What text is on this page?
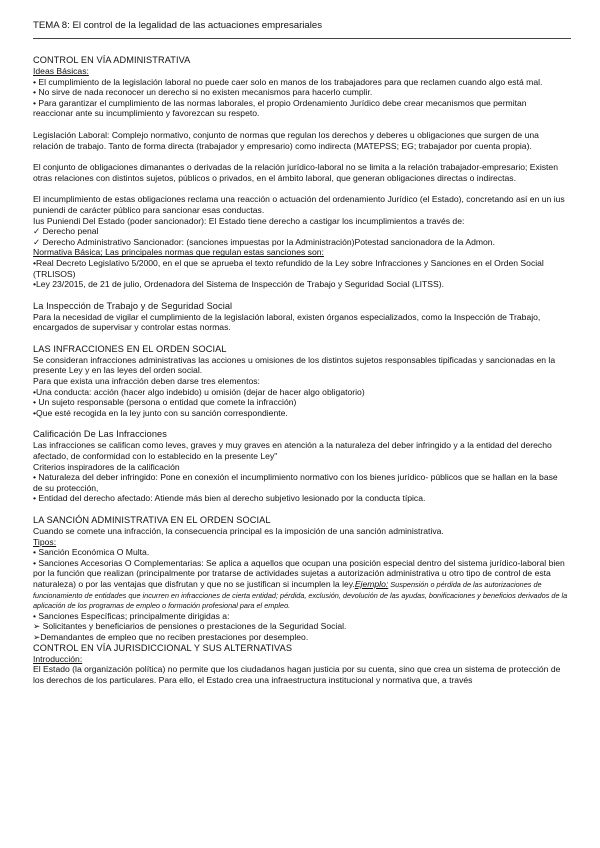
TEMA 8: El control de la legalidad de las actuaciones empresariales

CONTROL EN VÍA ADMINISTRATIVA

Ideas Básicas:

• El cumplimiento de la legislación laboral no puede caer solo en manos de los trabajadores para que reclamen cuando algo está mal.

• No sirve de nada reconocer un derecho si no existen mecanismos para hacerlo cumplir.

• Para garantizar el cumplimiento de las normas laborales, el propio Ordenamiento Jurídico debe crear mecanismos que permitan reaccionar ante su incumplimiento y favorezcan su respeto.

Legislación Laboral: Complejo normativo, conjunto de normas que regulan los derechos y deberes u obligaciones que surgen de una relación de trabajo. Tanto de forma directa (trabajador y empresario) como indirecta (MATEPSS; EG; trabajador por cuenta propia).

El conjunto de obligaciones dimanantes o derivadas de la relación jurídico-laboral no se limita a la relación trabajador-empresario; Existen otras relaciones con distintos sujetos, públicos o privados, en el ámbito laboral, que generan obligaciones directas o indirectas.

El incumplimiento de estas obligaciones reclama una reacción o actuación del ordenamiento Jurídico (el Estado), concretando así en un ius puniendi de carácter público para sancionar esas conductas.

Ius Puniendi Del Estado (poder sancionador): El Estado tiene derecho a castigar los incumplimientos a través de:

✓ Derecho penal

✓ Derecho Administrativo Sancionador: (sanciones impuestas por la Administración)Potestad sancionadora de la Admon.

Normativa Básica; Las principales normas que regulan estas sanciones son:

•Real Decreto Legislativo 5/2000, en el que se aprueba el texto refundido de la Ley sobre Infracciones y Sanciones en el Orden Social (TRLISOS)

•Ley 23/2015, de 21 de julio, Ordenadora del Sistema de Inspección de Trabajo y Seguridad Social (LITSS).

La Inspección de Trabajo y de Seguridad Social

Para la necesidad de vigilar el cumplimiento de la legislación laboral, existen órganos especializados, como la Inspección de Trabajo, encargados de supervisar y controlar estas normas.

LAS INFRACCIONES EN EL ORDEN SOCIAL

Se consideran infracciones administrativas las acciones u omisiones de los distintos sujetos responsables tipificadas y sancionadas en la presente Ley y en las leyes del orden social.

Para que exista una infracción deben darse tres elementos:

•Una conducta: acción (hacer algo indebido) u omisión (dejar de hacer algo obligatorio)

• Un sujeto responsable (persona o entidad que comete la infracción)

•Que esté recogida en la ley junto con su sanción correspondiente.

Calificación De Las Infracciones

Las infracciones se califican como leves, graves y muy graves en atención a la naturaleza del deber infringido y a la entidad del derecho afectado, de conformidad con lo establecido en la presente Ley"

Criterios inspiradores de la calificación

• Naturaleza del deber infringido: Pone en conexión el incumplimiento normativo con los bienes jurídico- públicos que se hallan en la base de su protección,

• Entidad del derecho afectado: Atiende más bien al derecho subjetivo lesionado por la conducta típica.

LA SANCIÓN ADMINISTRATIVA EN EL ORDEN SOCIAL

Cuando se comete una infracción, la consecuencia principal es la imposición de una sanción administrativa.

Tipos:

• Sanción Económica O Multa.

• Sanciones Accesorias O Complementarias: Se aplica a aquellos que ocupan una posición especial dentro del sistema jurídico-laboral bien por la función que realizan (principalmente por tratarse de actividades sujetas a autorización administrativa u otro tipo de control de esta naturaleza) o por las ventajas que disfrutan y que no se justifican si incumplen la ley.Ejemplo: Suspensión o pérdida de las autorizaciones de funcionamiento de entidades que incurren en infracciones de cierta entidad; pérdida, exclusión, devolución de las ayudas, bonificaciones y beneficios derivados de la aplicación de los programas de empleo o formación profesional para el empleo.

• Sanciones Específicas; principalmente dirigidas a:

➢ Solicitantes y beneficiarios de pensiones o prestaciones de la Seguridad Social.

➢Demandantes de empleo que no reciben prestaciones por desempleo.

CONTROL EN VÍA JURISDICCIONAL Y SUS ALTERNATIVAS

Introducción:

El Estado (la organización política) no permite que los ciudadanos hagan justicia por su cuenta, sino que crea un sistema de protección de los derechos de los particulares. Para ello, el Estado crea una infraestructura institucional y normativa que, a través
